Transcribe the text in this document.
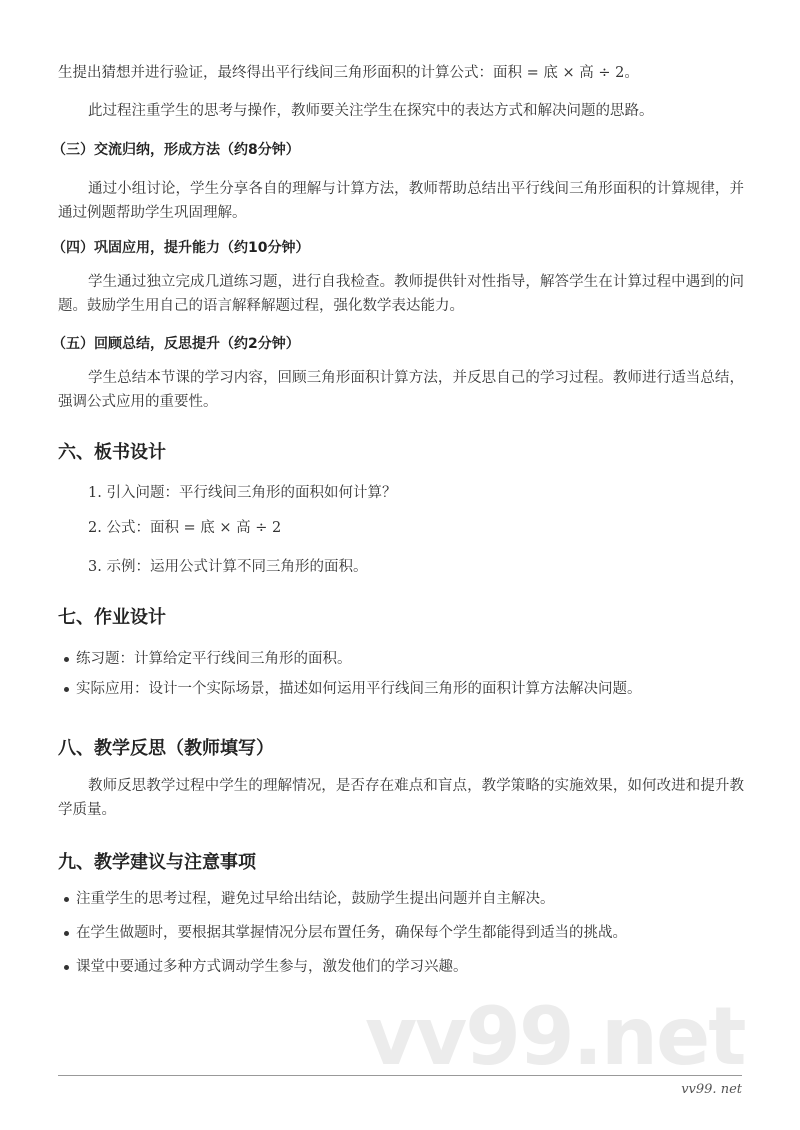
生提出猜想并进行验证，最终得出平行线间三角形面积的计算公式：面积 = 底 × 高 ÷ 2。
此过程注重学生的思考与操作，教师要关注学生在探究中的表达方式和解决问题的思路。
（三）交流归纳，形成方法（约8分钟）
通过小组讨论，学生分享各自的理解与计算方法，教师帮助总结出平行线间三角形面积的计算规律，并通过例题帮助学生巩固理解。
（四）巩固应用，提升能力（约10分钟）
学生通过独立完成几道练习题，进行自我检查。教师提供针对性指导，解答学生在计算过程中遇到的问题。鼓励学生用自己的语言解释解题过程，强化数学表达能力。
（五）回顾总结，反思提升（约2分钟）
学生总结本节课的学习内容，回顾三角形面积计算方法，并反思自己的学习过程。教师进行适当总结，强调公式应用的重要性。
六、板书设计
1. 引入问题：平行线间三角形的面积如何计算？
2. 公式：面积 = 底 × 高 ÷ 2
3. 示例：运用公式计算不同三角形的面积。
七、作业设计
练习题：计算给定平行线间三角形的面积。
实际应用：设计一个实际场景，描述如何运用平行线间三角形的面积计算方法解决问题。
八、教学反思（教师填写）
教师反思教学过程中学生的理解情况，是否存在难点和盲点，教学策略的实施效果，如何改进和提升教学质量。
九、教学建议与注意事项
注重学生的思考过程，避免过早给出结论，鼓励学生提出问题并自主解决。
在学生做题时，要根据其掌握情况分层布置任务，确保每个学生都能得到适当的挑战。
课堂中要通过多种方式调动学生参与，激发他们的学习兴趣。
vv99.net
vv99. net
